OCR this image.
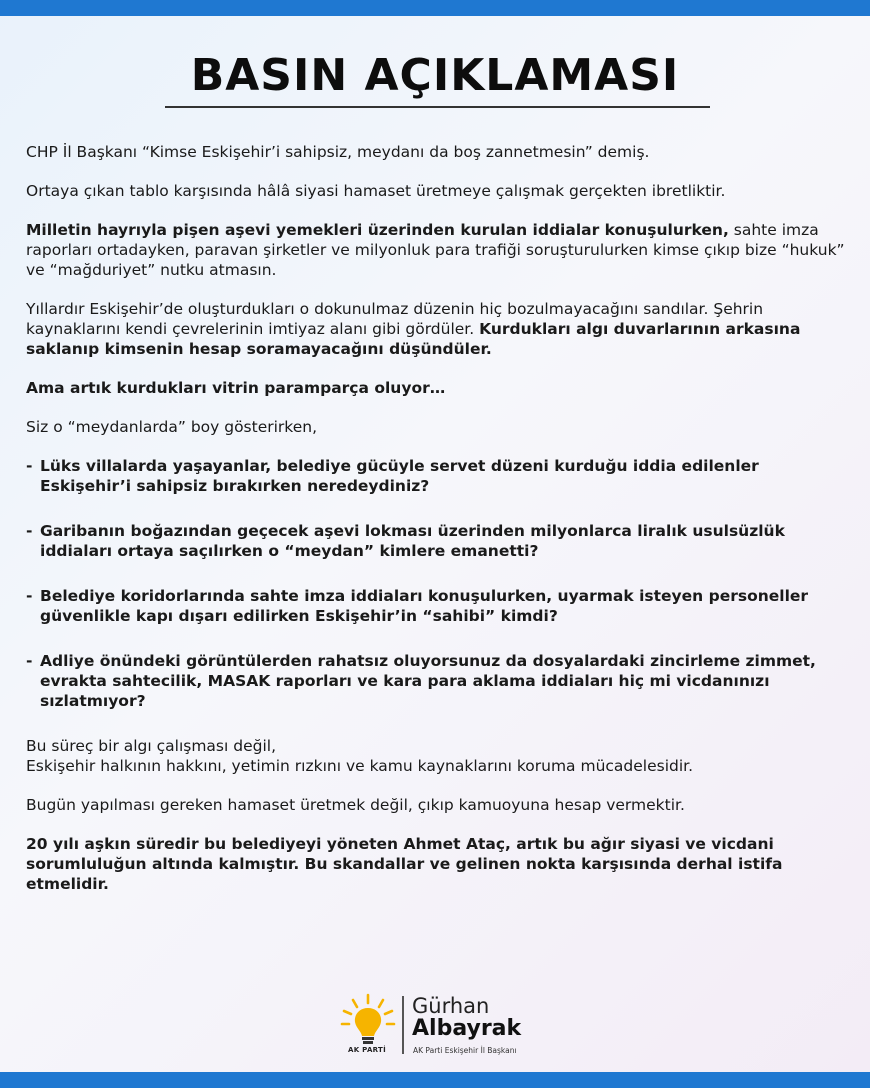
BASIN AÇIKLAMASI

CHP İl Başkanı “Kimse Eskişehir’i sahipsiz, meydanı da boş zannetmesin” demiş.

Ortaya çıkan tablo karşısında hâlâ siyasi hamaset üretmeye çalışmak gerçekten ibretliktir.

Milletin hayrıyla pişen aşevi yemekleri üzerinden kurulan iddialar konuşulurken, sahte imza raporları ortadayken, paravan şirketler ve milyonluk para trafiği soruşturulurken kimse çıkıp bize “hukuk” ve “mağduriyet” nutku atmasın.

Yıllardır Eskişehir’de oluşturdukları o dokunulmaz düzenin hiç bozulmayacağını sandılar. Şehrin kaynaklarını kendi çevrelerinin imtiyaz alanı gibi gördüler. Kurdukları algı duvarlarının arkasına saklanıp kimsenin hesap soramayacağını düşündüler.

Ama artık kurdukları vitrin paramparça oluyor…

Siz o “meydanlarda” boy gösterirken,

- Lüks villalarda yaşayanlar, belediye gücüyle servet düzeni kurduğu iddia edilenler Eskişehir’i sahipsiz bırakırken neredeydiniz?
- Garibanın boğazından geçecek aşevi lokması üzerinden milyonlarca liralık usulsüzlük iddiaları ortaya saçılırken o “meydan” kimlere emanetti?
- Belediye koridorlarında sahte imza iddiaları konuşulurken, uyarmak isteyen personeller güvenlikle kapı dışarı edilirken Eskişehir’in “sahibi” kimdi?
- Adliye önündeki görüntülerden rahatsız oluyorsunuz da dosyalardaki zincirleme zimmet, evrakta sahtecilik, MASAK raporları ve kara para aklama iddiaları hiç mi vicdanınızı sızlatmıyor?

Bu süreç bir algı çalışması değil,

Eskişehir halkının hakkını, yetimin rızkını ve kamu kaynaklarını koruma mücadelesidir.

Bugün yapılması gereken hamaset üretmek değil, çıkıp kamuoyuna hesap vermektir.

20 yılı aşkın süredir bu belediyeyi yöneten Ahmet Ataç, artık bu ağır siyasi ve vicdani sorumluluğun altında kalmıştır. Bu skandallar ve gelinen nokta karşısında derhal istifa etmelidir.

AK PARTİ
Gürhan
Albayrak
AK Parti Eskişehir İl Başkanı
